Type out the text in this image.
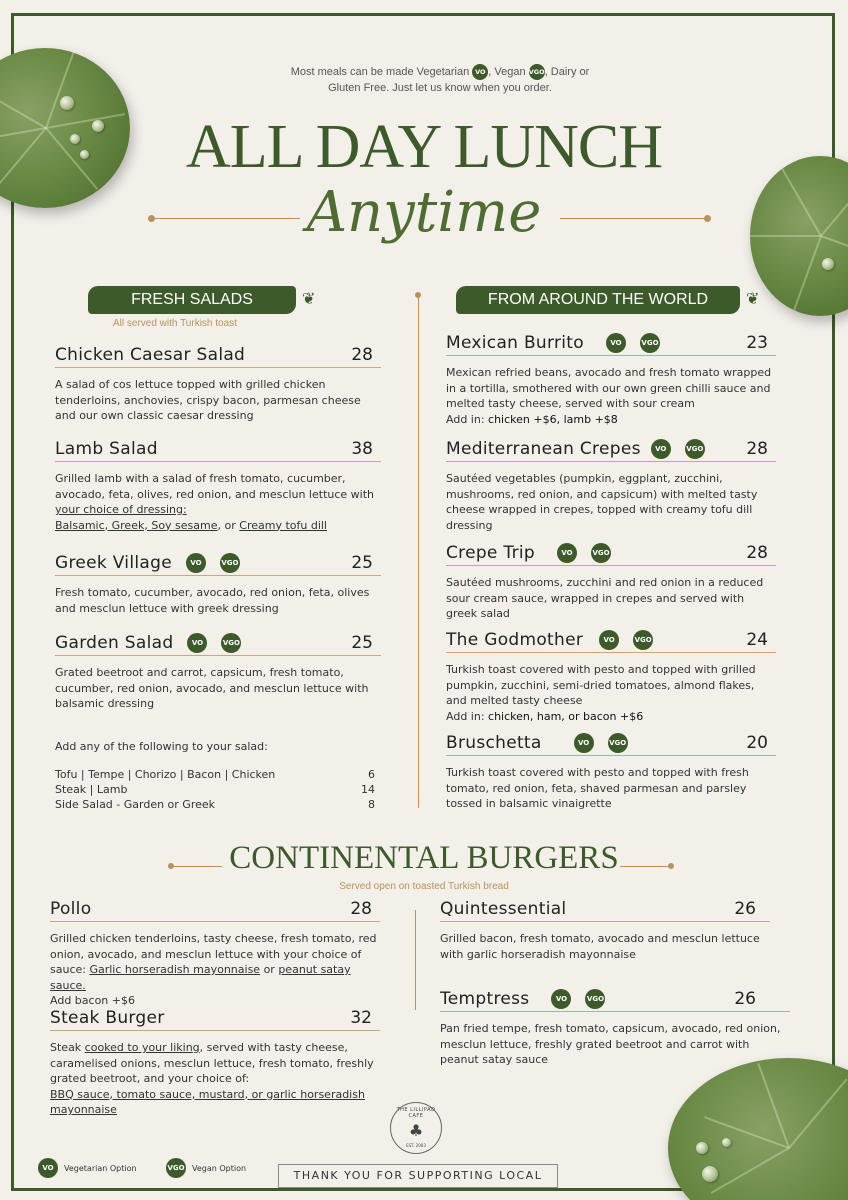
Most meals can be made Vegetarian VO , Vegan VGO, Dairy or
Gluten Free. Just let us know when you order.
ALL DAY LUNCH
Anytime
FRESH SALADS	❦
All served with Turkish toast
FROM AROUND THE WORLD	❦
Chicken Caesar Salad	28
A salad of cos lettuce topped with grilled chicken tenderloins, anchovies, crispy bacon, parmesan cheese and our own classic caesar dressing
Lamb Salad	38
Grilled lamb with a salad of fresh tomato, cucumber, avocado, feta, olives, red onion, and mesclun lettuce with your choice of dressing:
Balsamic, Greek, Soy sesame, or Creamy tofu dill
Greek Village	VO	VGO	25
Fresh tomato, cucumber, avocado, red onion, feta, olives and mesclun lettuce with greek dressing
Garden Salad	VO	VGO	25
Grated beetroot and carrot, capsicum, fresh tomato, cucumber, red onion, avocado, and mesclun lettuce with balsamic dressing
Add any of the following to your salad:
Tofu | Tempe | Chorizo | Bacon | Chicken	6
Steak | Lamb	14
Side Salad - Garden or Greek	8
Mexican Burrito	VO	VGO	23
Mexican refried beans, avocado and fresh tomato wrapped in a tortilla, smothered with our own green chilli sauce and melted tasty cheese, served with sour cream
Add in: chicken +$6, lamb +$8
Mediterranean Crepes	VO	VGO	28
Sautéed vegetables (pumpkin, eggplant, zucchini, mushrooms, red onion, and capsicum) with melted tasty cheese wrapped in crepes, topped with creamy tofu dill dressing
Crepe Trip	VO	VGO	28
Sautéed mushrooms, zucchini and red onion in a reduced sour cream sauce, wrapped in crepes and served with greek salad
The Godmother	VO	VGO	24
Turkish toast covered with pesto and topped with grilled pumpkin, zucchini, semi-dried tomatoes, almond flakes, and melted tasty cheese
Add in: chicken, ham, or bacon +$6
Bruschetta	VO	VGO	20
Turkish toast covered with pesto and topped with fresh tomato, red onion, feta, shaved parmesan and parsley tossed in balsamic vinaigrette
CONTINENTAL BURGERS
Served open on toasted Turkish bread
Pollo	28
Grilled chicken tenderloins, tasty cheese, fresh tomato, red onion, avocado, and mesclun lettuce with your choice of sauce: Garlic horseradish mayonnaise or peanut satay sauce.
Add bacon +$6
Steak Burger	32
Steak cooked to your liking, served with tasty cheese, caramelised onions, mesclun lettuce, fresh tomato, freshly grated beetroot, and your choice of:
BBQ sauce, tomato sauce, mustard, or garlic horseradish mayonnaise
Quintessential	26
Grilled bacon, fresh tomato, avocado and mesclun lettuce with garlic horseradish mayonnaise
Temptress	VO	VGO	26
Pan fried tempe, fresh tomato, capsicum, avocado, red onion, mesclun lettuce, freshly grated beetroot and carrot with peanut satay sauce
THE LILLIPAD CAFE
♣
EST. 2003
VO	Vegetarian Option	VGO Vegan Option
THANK YOU FOR SUPPORTING LOCAL
